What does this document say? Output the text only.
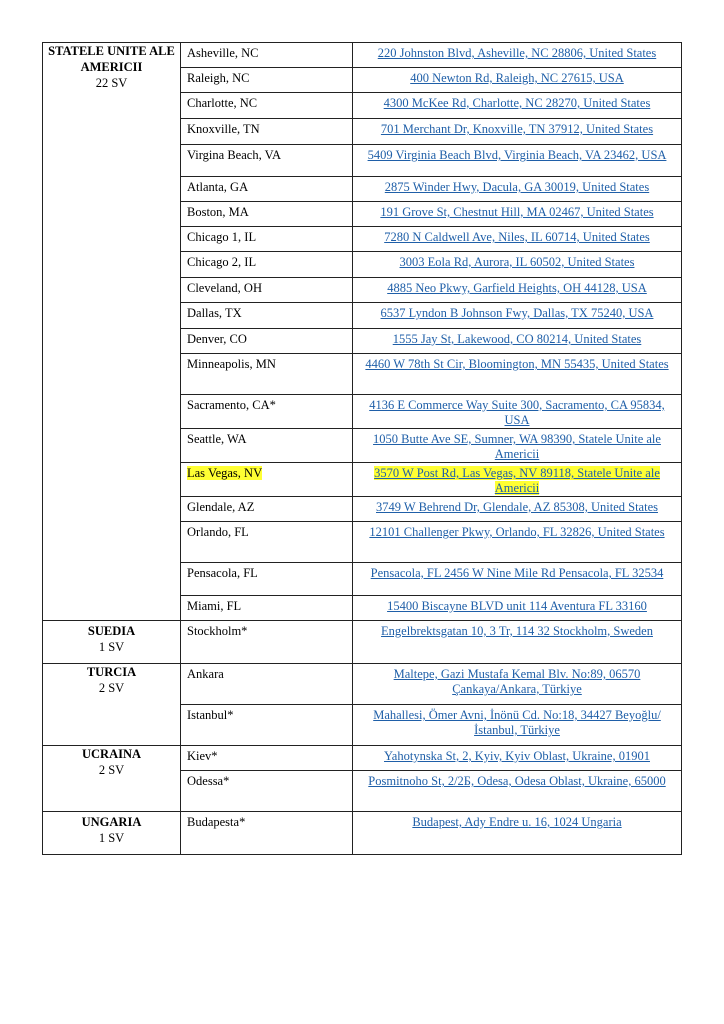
STATELE UNITE ALE AMERICII
22 SV	Asheville, NC	220 Johnston Blvd, Asheville, NC 28806, United States
	Raleigh, NC	400 Newton Rd, Raleigh, NC 27615, USA
	Charlotte, NC	4300 McKee Rd, Charlotte, NC 28270, United States
	Knoxville, TN	701 Merchant Dr, Knoxville, TN 37912, United States
	Virgina Beach, VA	5409 Virginia Beach Blvd, Virginia Beach, VA 23462, USA
	Atlanta, GA	2875 Winder Hwy, Dacula, GA 30019, United States
	Boston, MA	191 Grove St, Chestnut Hill, MA 02467, United States
	Chicago 1, IL	7280 N Caldwell Ave, Niles, IL 60714, United States
	Chicago 2, IL	3003 Eola Rd, Aurora, IL 60502, United States
	Cleveland, OH	4885 Neo Pkwy, Garfield Heights, OH 44128, USA
	Dallas, TX	6537 Lyndon B Johnson Fwy, Dallas, TX 75240, USA
	Denver, CO	1555 Jay St, Lakewood, CO 80214, United States
	Minneapolis, MN	4460 W 78th St Cir, Bloomington, MN 55435, United States
	Sacramento, CA*	4136 E Commerce Way Suite 300, Sacramento, CA 95834, USA
	Seattle, WA	1050 Butte Ave SE, Sumner, WA 98390, Statele Unite ale Americii
	Las Vegas, NV	3570 W Post Rd, Las Vegas, NV 89118, Statele Unite ale Americii
	Glendale, AZ	3749 W Behrend Dr, Glendale, AZ 85308, United States
	Orlando, FL	12101 Challenger Pkwy, Orlando, FL 32826, United States
	Pensacola, FL	Pensacola, FL 2456 W Nine Mile Rd Pensacola, FL 32534
	Miami, FL	15400 Biscayne BLVD unit 114 Aventura FL 33160

SUEDIA
1 SV	Stockholm*	Engelbrektsgatan 10, 3 Tr, 114 32 Stockholm, Sweden

TURCIA
2 SV	Ankara	Maltepe, Gazi Mustafa Kemal Blv. No:89, 06570 Çankaya/Ankara, Türkiye
	Istanbul*	Mahallesi, Ömer Avni, İnönü Cd. No:18, 34427 Beyoğlu/İstanbul, Türkiye

UCRAINA
2 SV	Kiev*	Yahotynska St, 2, Kyiv, Kyiv Oblast, Ukraine, 01901
	Odessa*	Posmitnoho St, 2/2Б, Odesa, Odesa Oblast, Ukraine, 65000

UNGARIA
1 SV	Budapesta*	Budapest, Ady Endre u. 16, 1024 Ungaria
